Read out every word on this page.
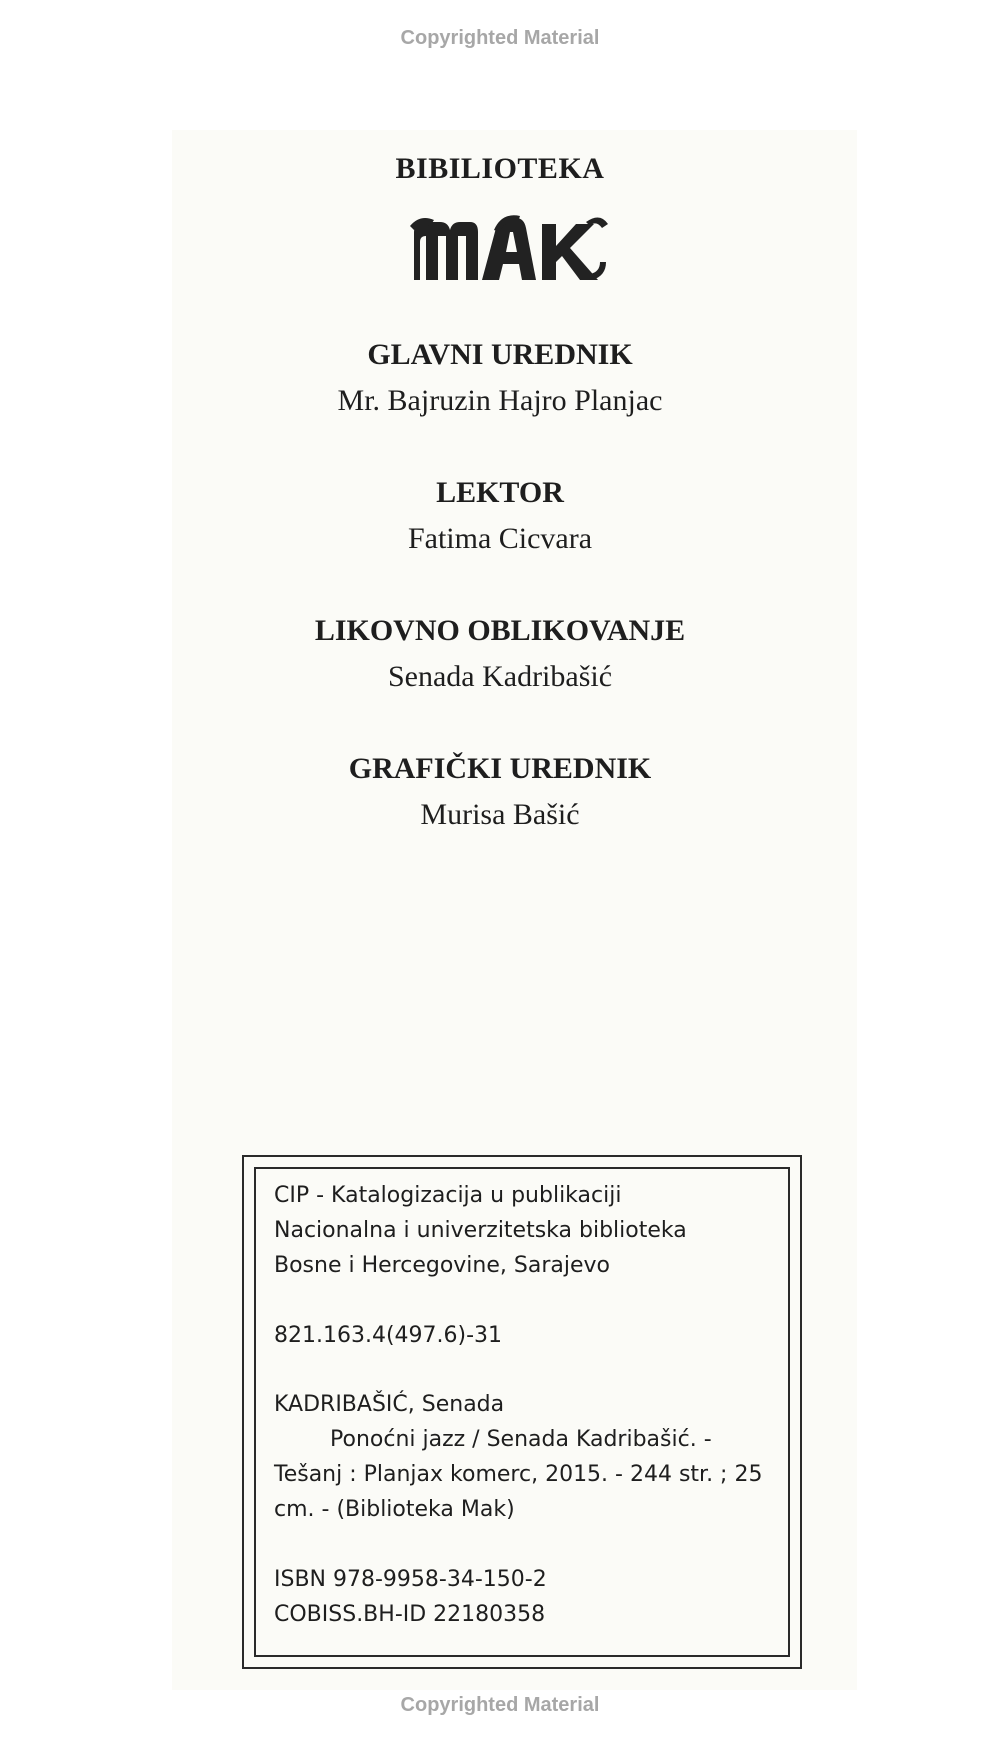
Copyrighted Material

BIBILIOTEKA

GLAVNI UREDNIK

Mr. Bajruzin Hajro Planjac

LEKTOR

Fatima Cicvara

LIKOVNO OBLIKOVANJE

Senada Kadribašić

GRAFIČKI UREDNIK

Murisa Bašić

CIP - Katalogizacija u publikaciji

Nacionalna i univerzitetska biblioteka

Bosne i Hercegovine, Sarajevo

821.163.4(497.6)-31

KADRIBAŠIĆ, Senada

Ponoćni jazz / Senada Kadribašić. -

Tešanj : Planjax komerc, 2015. - 244 str. ; 25

cm. - (Biblioteka Mak)

ISBN 978-9958-34-150-2

COBISS.BH-ID 22180358

Copyrighted Material
